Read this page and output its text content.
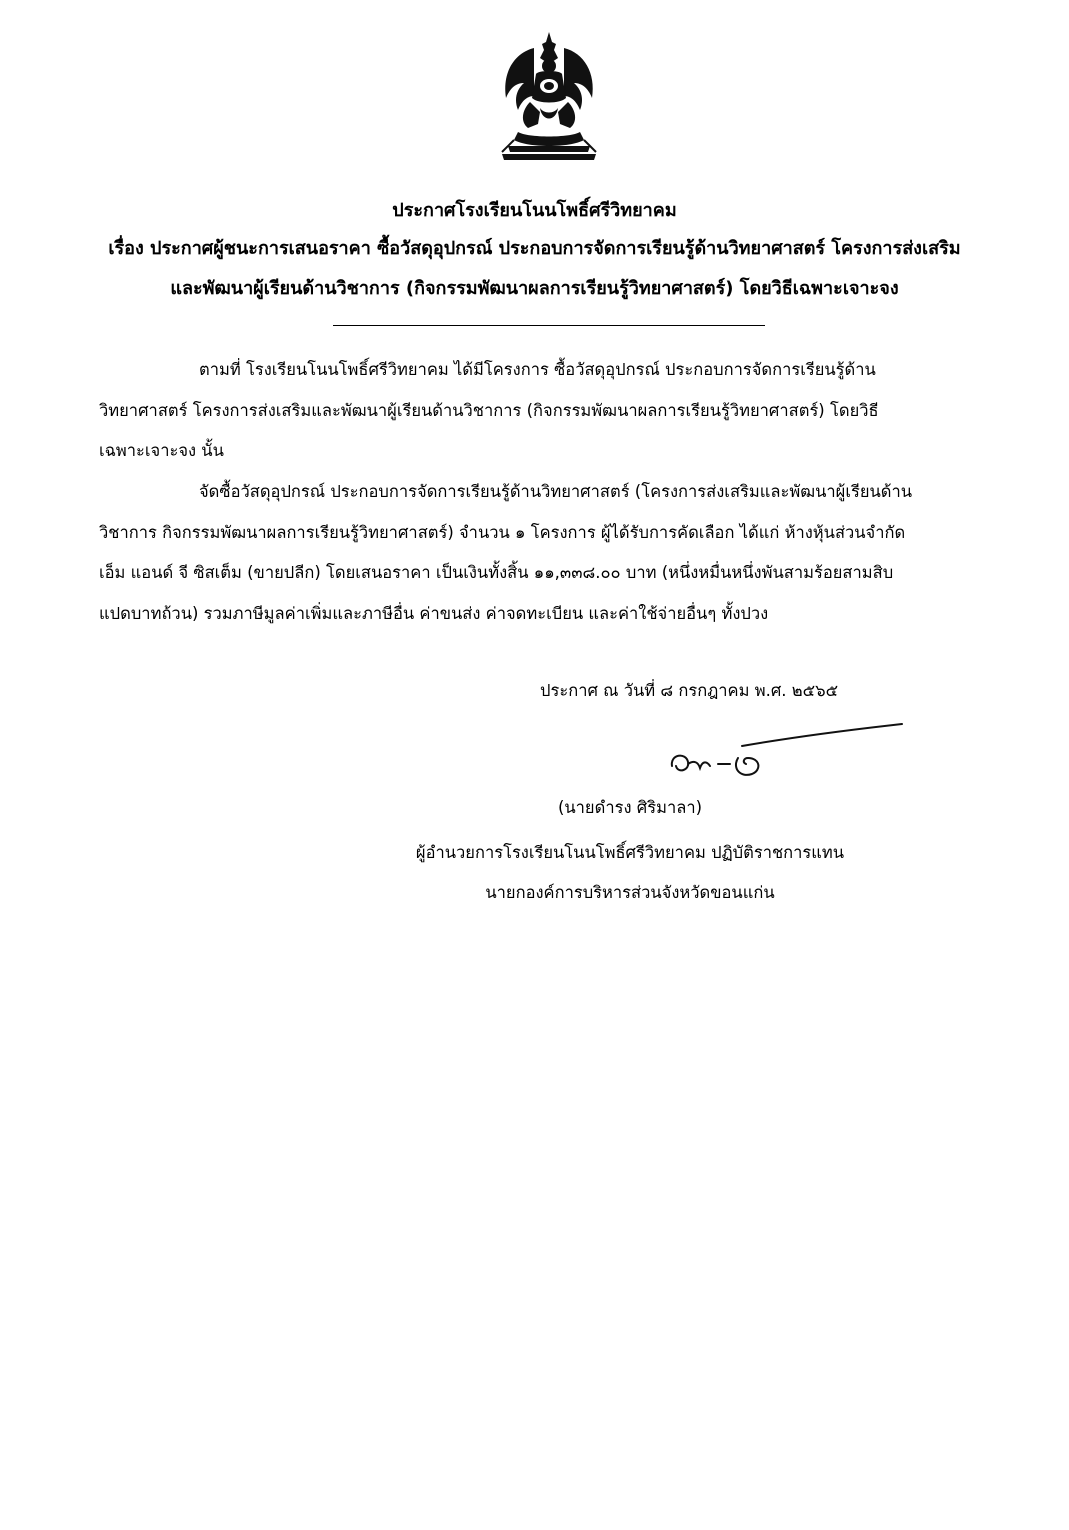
ประกาศโรงเรียนโนนโพธิ์ศรีวิทยาคม
เรื่อง ประกาศผู้ชนะการเสนอราคา ซื้อวัสดุอุปกรณ์ ประกอบการจัดการเรียนรู้ด้านวิทยาศาสตร์ โครงการส่งเสริม
และพัฒนาผู้เรียนด้านวิชาการ (กิจกรรมพัฒนาผลการเรียนรู้วิทยาศาสตร์) โดยวิธีเฉพาะเจาะจง
ตามที่ โรงเรียนโนนโพธิ์ศรีวิทยาคม ได้มีโครงการ ซื้อวัสดุอุปกรณ์ ประกอบการจัดการเรียนรู้ด้าน
วิทยาศาสตร์ โครงการส่งเสริมและพัฒนาผู้เรียนด้านวิชาการ (กิจกรรมพัฒนาผลการเรียนรู้วิทยาศาสตร์) โดยวิธี
เฉพาะเจาะจง นั้น
จัดซื้อวัสดุอุปกรณ์ ประกอบการจัดการเรียนรู้ด้านวิทยาศาสตร์ (โครงการส่งเสริมและพัฒนาผู้เรียนด้าน
วิชาการ กิจกรรมพัฒนาผลการเรียนรู้วิทยาศาสตร์) จำนวน ๑ โครงการ ผู้ได้รับการคัดเลือก ได้แก่ ห้างหุ้นส่วนจำกัด
เอ็ม แอนด์ จี ซิสเต็ม (ขายปลีก) โดยเสนอราคา เป็นเงินทั้งสิ้น ๑๑,๓๓๘.๐๐ บาท (หนึ่งหมื่นหนึ่งพันสามร้อยสามสิบ
แปดบาทถ้วน) รวมภาษีมูลค่าเพิ่มและภาษีอื่น ค่าขนส่ง ค่าจดทะเบียน และค่าใช้จ่ายอื่นๆ ทั้งปวง
ประกาศ ณ วันที่ ๘ กรกฎาคม พ.ศ. ๒๕๖๕
(นายดำรง ศิริมาลา)
ผู้อำนวยการโรงเรียนโนนโพธิ์ศรีวิทยาคม ปฏิบัติราชการแทน
นายกองค์การบริหารส่วนจังหวัดขอนแก่น
